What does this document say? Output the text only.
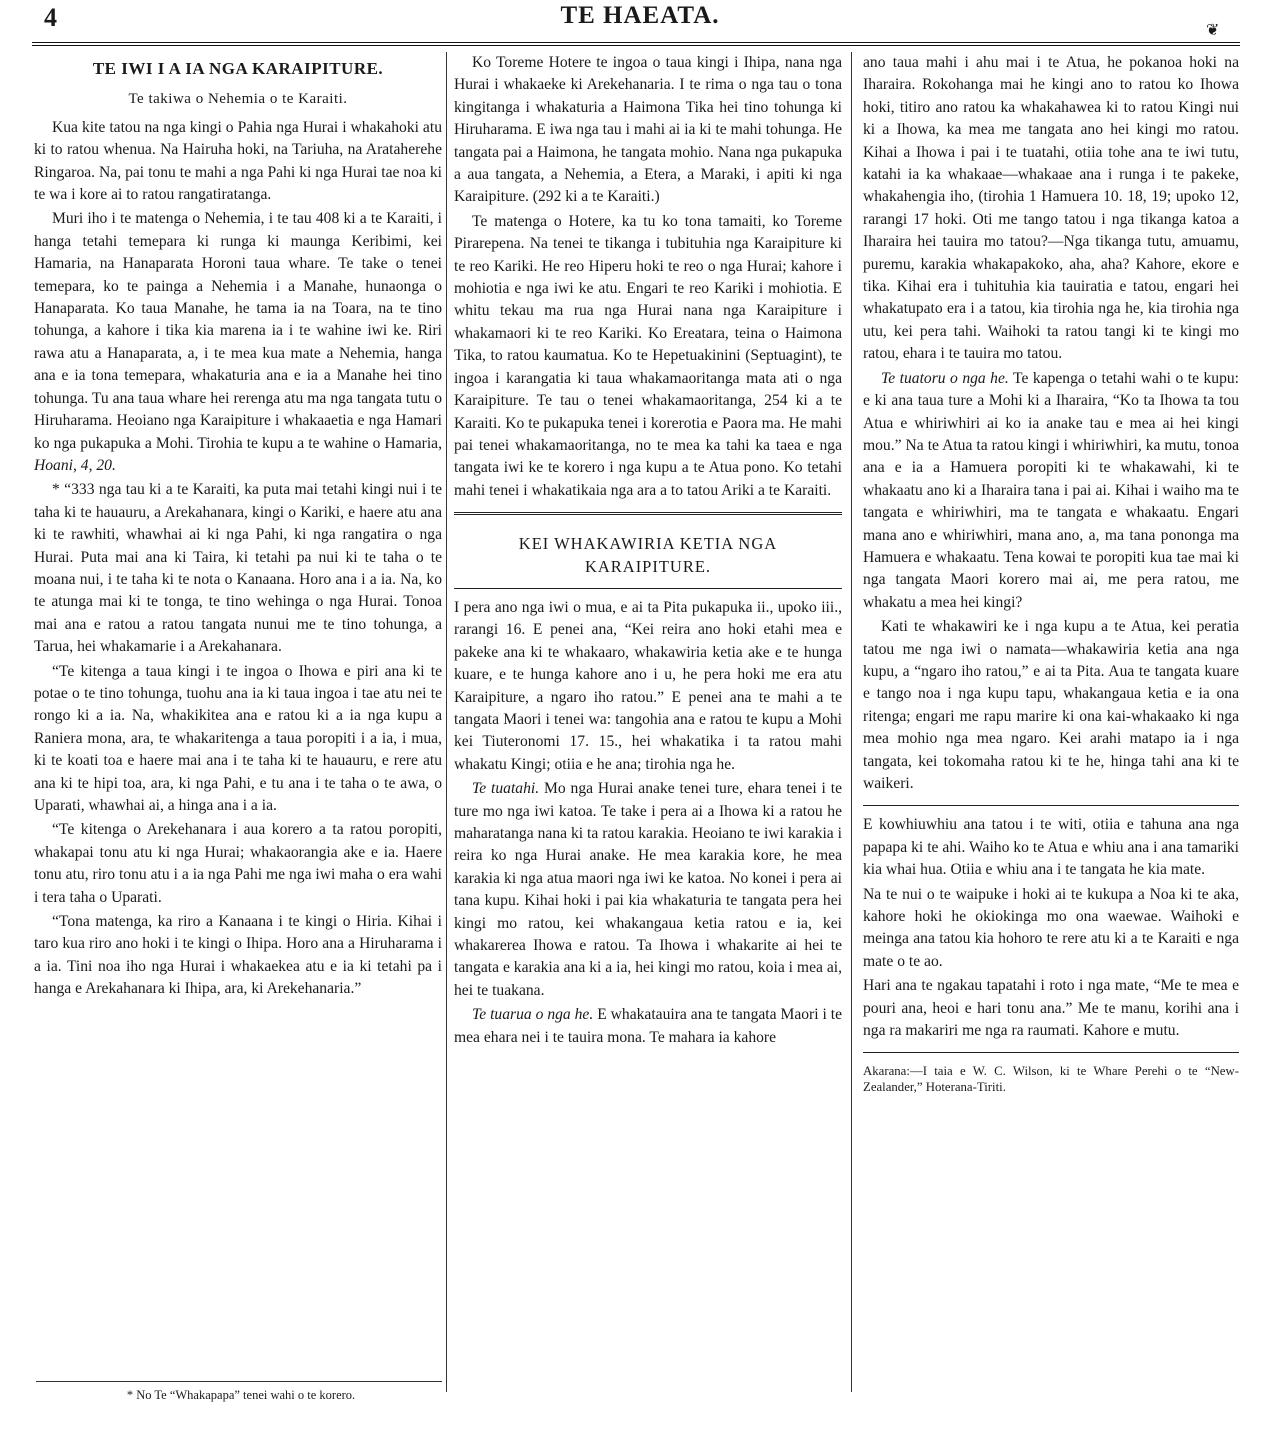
4	TE HAEATA.
❦
TE IWI I A IA NGA KARAIPITURE.
Te takiwa o Nehemia o te Karaiti.

Kua kite tatou na nga kingi o Pahia nga Hurai i whakahoki atu ki to ratou whenua. Na Hairuha hoki, na Tariuha, na Arataherehe Ringaroa. Na, pai tonu te mahi a nga Pahi ki nga Hurai tae noa ki te wa i kore ai to ratou rangatiratanga.

Muri iho i te matenga o Nehemia, i te tau 408 ki a te Karaiti, i hanga tetahi temepara ki runga ki maunga Keribimi, kei Hamaria, na Hanaparata Horoni taua whare. Te take o tenei temepara, ko te painga a Nehemia i a Manahe, hunaonga o Hanaparata. Ko taua Manahe, he tama ia na Toara, na te tino tohunga, a kahore i tika kia marena ia i te wahine iwi ke. Riri rawa atu a Hanaparata, a, i te mea kua mate a Nehemia, hanga ana e ia tona temepara, whakaturia ana e ia a Manahe hei tino tohunga. Tu ana taua whare hei rerenga atu ma nga tangata tutu o Hiruharama. Heoiano nga Karaipiture i whakaaetia e nga Hamari ko nga pukapuka a Mohi. Tirohia te kupu a te wahine o Hamaria, Hoani, 4, 20.

* “333 nga tau ki a te Karaiti, ka puta mai tetahi kingi nui i te taha ki te hauauru, a Arekahanara, kingi o Kariki, e haere atu ana ki te rawhiti, whawhai ai ki nga Pahi, ki nga rangatira o nga Hurai. Puta mai ana ki Taira, ki tetahi pa nui ki te taha o te moana nui, i te taha ki te nota o Kanaana. Horo ana i a ia. Na, ko te atunga mai ki te tonga, te tino wehinga o nga Hurai. Tonoa mai ana e ratou a ratou tangata nunui me te tino tohunga, a Tarua, hei whakamarie i a Arekahanara.

“Te kitenga a taua kingi i te ingoa o Ihowa e piri ana ki te potae o te tino tohunga, tuohu ana ia ki taua ingoa i tae atu nei te rongo ki a ia. Na, whakikitea ana e ratou ki a ia nga kupu a Raniera mona, ara, te whakaritenga a taua poropiti i a ia, i mua, ki te koati toa e haere mai ana i te taha ki te hauauru, e rere atu ana ki te hipi toa, ara, ki nga Pahi, e tu ana i te taha o te awa, o Uparati, whawhai ai, a hinga ana i a ia.

“Te kitenga o Arekehanara i aua korero a ta ratou poropiti, whakapai tonu atu ki nga Hurai; whakaorangia ake e ia. Haere tonu atu, riro tonu atu i a ia nga Pahi me nga iwi maha o era wahi i tera taha o Uparati.

“Tona matenga, ka riro a Kanaana i te kingi o Hiria. Kihai i taro kua riro ano hoki i te kingi o Ihipa. Horo ana a Hiruharama i a ia. Tini noa iho nga Hurai i whakaekea atu e ia ki tetahi pa i hanga e Arekahanara ki Ihipa, ara, ki Arekehanaria.”

* No Te “Whakapapa” tenei wahi o te korero.

Ko Toreme Hotere te ingoa o taua kingi i Ihipa, nana nga Hurai i whakaeke ki Arekehanaria. I te rima o nga tau o tona kingitanga i whakaturia a Haimona Tika hei tino tohunga ki Hiruharama. E iwa nga tau i mahi ai ia ki te mahi tohunga. He tangata pai a Haimona, he tangata mohio. Nana nga pukapuka a aua tangata, a Nehemia, a Etera, a Maraki, i apiti ki nga Karaipiture. (292 ki a te Karaiti.)

Te matenga o Hotere, ka tu ko tona tamaiti, ko Toreme Pirarepena. Na tenei te tikanga i tubituhia nga Karaipiture ki te reo Kariki. He reo Hiperu hoki te reo o nga Hurai; kahore i mohiotia e nga iwi ke atu. Engari te reo Kariki i mohiotia. E whitu tekau ma rua nga Hurai nana nga Karaipiture i whakamaori ki te reo Kariki. Ko Ereatara, teina o Haimona Tika, to ratou kaumatua. Ko te Hepetuakinini (Septuagint), te ingoa i karangatia ki taua whakamaoritanga mata ati o nga Karaipiture. Te tau o tenei whakamaoritanga, 254 ki a te Karaiti. Ko te pukapuka tenei i korerotia e Paora ma. He mahi pai tenei whakamaoritanga, no te mea ka tahi ka taea e nga tangata iwi ke te korero i nga kupu a te Atua pono. Ko tetahi mahi tenei i whakatikaia nga ara a to tatou Ariki a te Karaiti.

KEI WHAKAWIRIA KETIA NGA KARAIPITURE.

I pera ano nga iwi o mua, e ai ta Pita pukapuka ii., upoko iii., rarangi 16. E penei ana, “Kei reira ano hoki etahi mea e pakeke ana ki te whakaaro, whakawiria ketia ake e te hunga kuare, e te hunga kahore ano i u, he pera hoki me era atu Karaipiture, a ngaro iho ratou.” E penei ana te mahi a te tangata Maori i tenei wa: tangohia ana e ratou te kupu a Mohi kei Tiuteronomi 17. 15., hei whakatika i ta ratou mahi whakatu Kingi; otiia e he ana; tirohia nga he.

Te tuatahi. Mo nga Hurai anake tenei ture, ehara tenei i te ture mo nga iwi katoa. Te take i pera ai a Ihowa ki a ratou he maharatanga nana ki ta ratou karakia. Heoiano te iwi karakia i reira ko nga Hurai anake. He mea karakia kore, he mea karakia ki nga atua maori nga iwi ke katoa. No konei i pera ai tana kupu. Kihai hoki i pai kia whakaturia te tangata pera hei kingi mo ratou, kei whakangaua ketia ratou e ia, kei whakarerea Ihowa e ratou. Ta Ihowa i whakarite ai hei te tangata e karakia ana ki a ia, hei kingi mo ratou, koia i mea ai, hei te tuakana.

Te tuarua o nga he. E whakatauira ana te tangata Maori i te mea ehara nei i te tauira mona. Te mahara ia kahore

ano taua mahi i ahu mai i te Atua, he pokanoa hoki na Iharaira. Rokohanga mai he kingi ano to ratou ko Ihowa hoki, titiro ano ratou ka whakahawea ki to ratou Kingi nui ki a Ihowa, ka mea me tangata ano hei kingi mo ratou. Kihai a Ihowa i pai i te tuatahi, otiia tohe ana te iwi tutu, katahi ia ka whakaae—whakaae ana i runga i te pakeke, whakahengia iho, (tirohia 1 Hamuera 10. 18, 19; upoko 12, rarangi 17 hoki. Oti me tango tatou i nga tikanga katoa a Iharaira hei tauira mo tatou?—Nga tikanga tutu, amuamu, puremu, karakia whakapakoko, aha, aha? Kahore, ekore e tika. Kihai era i tuhituhia kia tauiratia e tatou, engari hei whakatupato era i a tatou, kia tirohia nga he, kia tirohia nga utu, kei pera tahi. Waihoki ta ratou tangi ki te kingi mo ratou, ehara i te tauira mo tatou.

Te tuatoru o nga he. Te kapenga o tetahi wahi o te kupu: e ki ana taua ture a Mohi ki a Iharaira, “Ko ta Ihowa ta tou Atua e whiriwhiri ai ko ia anake tau e mea ai hei kingi mou.” Na te Atua ta ratou kingi i whiriwhiri, ka mutu, tonoa ana e ia a Hamuera poropiti ki te whakawahi, ki te whakaatu ano ki a Iharaira tana i pai ai. Kihai i waiho ma te tangata e whiriwhiri, ma te tangata e whakaatu. Engari mana ano e whiriwhiri, mana ano, a, ma tana pononga ma Hamuera e whakaatu. Tena kowai te poropiti kua tae mai ki nga tangata Maori korero mai ai, me pera ratou, me whakatu a mea hei kingi?

Kati te whakawiri ke i nga kupu a te Atua, kei peratia tatou me nga iwi o namata—whakawiria ketia ana nga kupu, a “ngaro iho ratou,” e ai ta Pita. Aua te tangata kuare e tango noa i nga kupu tapu, whakangaua ketia e ia ona ritenga; engari me rapu marire ki ona kai-whakaako ki nga mea mohio nga mea ngaro. Kei arahi matapo ia i nga tangata, kei tokomaha ratou ki te he, hinga tahi ana ki te waikeri.

E kowhiuwhiu ana tatou i te witi, otiia e tahuna ana nga papapa ki te ahi. Waiho ko te Atua e whiu ana i ana tamariki kia whai hua. Otiia e whiu ana i te tangata he kia mate.

Na te nui o te waipuke i hoki ai te kukupa a Noa ki te aka, kahore hoki he okiokinga mo ona waewae. Waihoki e meinga ana tatou kia hohoro te rere atu ki a te Karaiti e nga mate o te ao.

Hari ana te ngakau tapatahi i roto i nga mate, “Me te mea e pouri ana, heoi e hari tonu ana.” Me te manu, korihi ana i nga ra makariri me nga ra raumati. Kahore e mutu.

Akarana:—I taia e W. C. Wilson, ki te Whare Perehi o te “New-Zealander,” Hoterana-Tiriti.
